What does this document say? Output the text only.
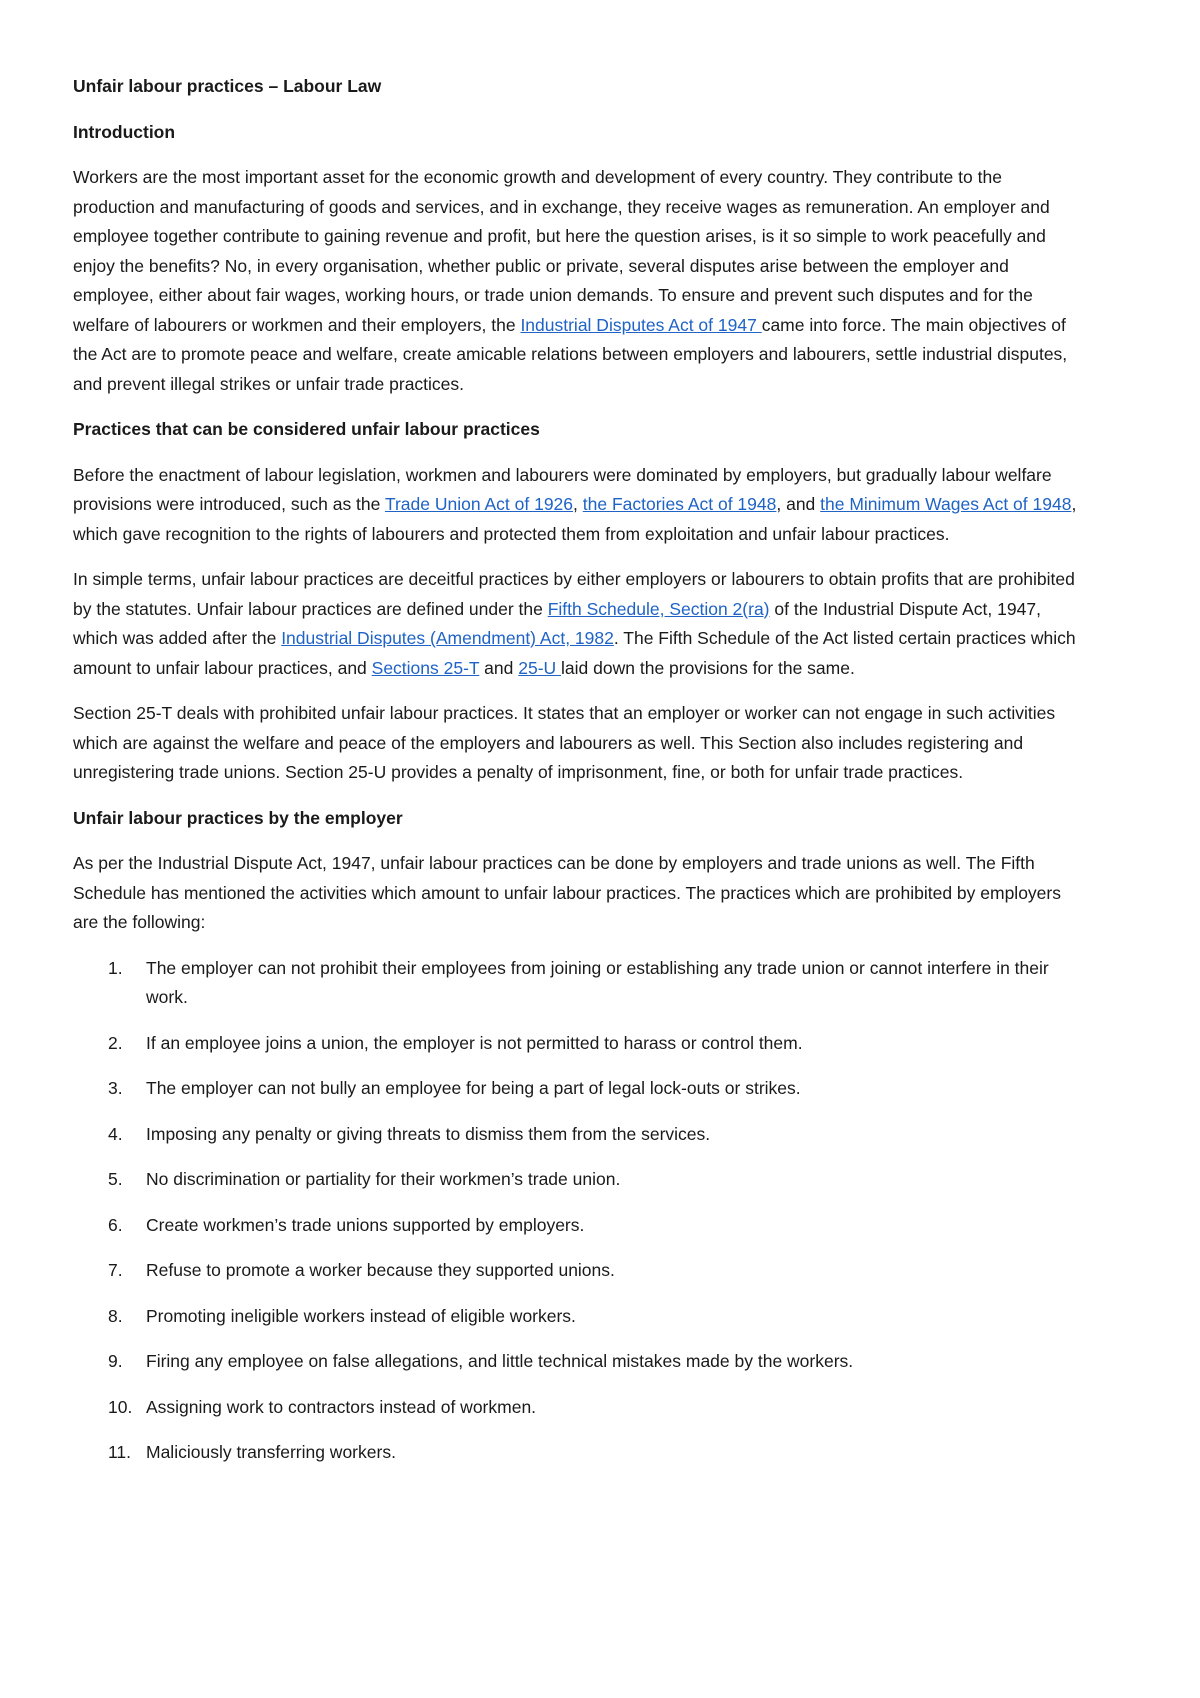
Unfair labour practices – Labour Law
Introduction

Workers are the most important asset for the economic growth and development of every country. They contribute to the production and manufacturing of goods and services, and in exchange, they receive wages as remuneration. An employer and employee together contribute to gaining revenue and profit, but here the question arises, is it so simple to work peacefully and enjoy the benefits? No, in every organisation, whether public or private, several disputes arise between the employer and employee, either about fair wages, working hours, or trade union demands. To ensure and prevent such disputes and for the welfare of labourers or workmen and their employers, the Industrial Disputes Act of 1947 came into force. The main objectives of the Act are to promote peace and welfare, create amicable relations between employers and labourers, settle industrial disputes, and prevent illegal strikes or unfair trade practices.

Practices that can be considered unfair labour practices

Before the enactment of labour legislation, workmen and labourers were dominated by employers, but gradually labour welfare provisions were introduced, such as the Trade Union Act of 1926, the Factories Act of 1948, and the Minimum Wages Act of 1948, which gave recognition to the rights of labourers and protected them from exploitation and unfair labour practices.

In simple terms, unfair labour practices are deceitful practices by either employers or labourers to obtain profits that are prohibited by the statutes. Unfair labour practices are defined under the Fifth Schedule, Section 2(ra) of the Industrial Dispute Act, 1947, which was added after the Industrial Disputes (Amendment) Act, 1982. The Fifth Schedule of the Act listed certain practices which amount to unfair labour practices, and Sections 25-T and 25-U laid down the provisions for the same.

Section 25-T deals with prohibited unfair labour practices. It states that an employer or worker can not engage in such activities which are against the welfare and peace of the employers and labourers as well. This Section also includes registering and unregistering trade unions. Section 25-U provides a penalty of imprisonment, fine, or both for unfair trade practices.

Unfair labour practices by the employer

As per the Industrial Dispute Act, 1947, unfair labour practices can be done by employers and trade unions as well. The Fifth Schedule has mentioned the activities which amount to unfair labour practices. The practices which are prohibited by employers are the following:

1.	The employer can not prohibit their employees from joining or establishing any trade union or cannot interfere in their work.
2.	If an employee joins a union, the employer is not permitted to harass or control them.
3.	The employer can not bully an employee for being a part of legal lock-outs or strikes.
4.	Imposing any penalty or giving threats to dismiss them from the services.
5.	No discrimination or partiality for their workmen’s trade union.
6.	Create workmen’s trade unions supported by employers.
7.	Refuse to promote a worker because they supported unions.
8.	Promoting ineligible workers instead of eligible workers.
9.	Firing any employee on false allegations, and little technical mistakes made by the workers.
10. Assigning work to contractors instead of workmen.
11. Maliciously transferring workers.
